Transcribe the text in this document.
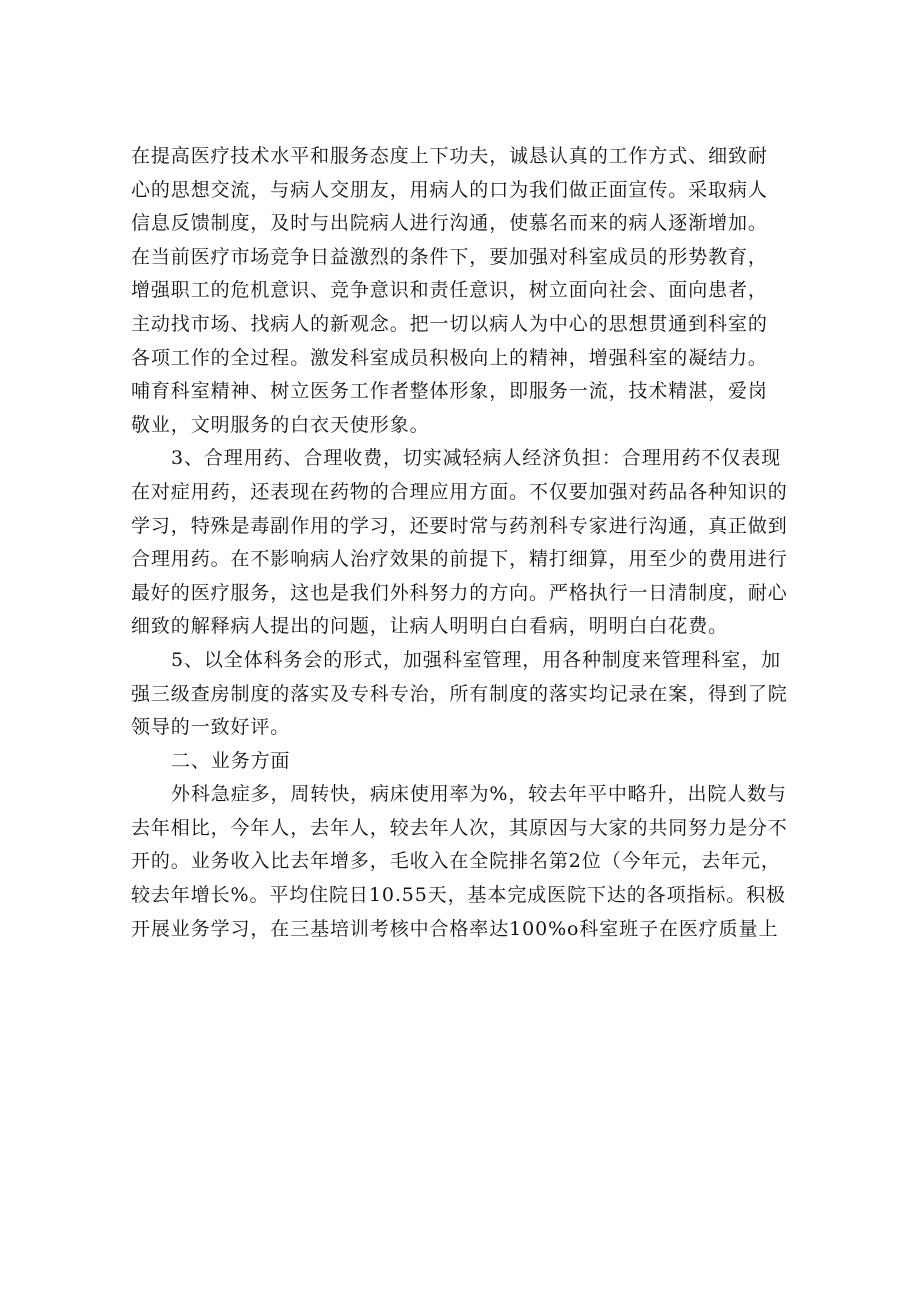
在提高医疗技术水平和服务态度上下功夫，诚恳认真的工作方式、细致耐
心的思想交流，与病人交朋友，用病人的口为我们做正面宣传。采取病人
信息反馈制度，及时与出院病人进行沟通，使慕名而来的病人逐渐增加。
在当前医疗市场竞争日益激烈的条件下，要加强对科室成员的形势教育，
增强职工的危机意识、竞争意识和责任意识，树立面向社会、面向患者，
主动找市场、找病人的新观念。把一切以病人为中心的思想贯通到科室的
各项工作的全过程。激发科室成员积极向上的精神，增强科室的凝结力。
哺育科室精神、树立医务工作者整体形象，即服务一流，技术精湛，爱岗
敬业，文明服务的白衣天使形象。
3、合理用药、合理收费，切实减轻病人经济负担：合理用药不仅表现
在对症用药，还表现在药物的合理应用方面。不仅要加强对药品各种知识的
学习，特殊是毒副作用的学习，还要时常与药剂科专家进行沟通，真正做到
合理用药。在不影响病人治疗效果的前提下，精打细算，用至少的费用进行
最好的医疗服务，这也是我们外科努力的方向。严格执行一日清制度，耐心
细致的解释病人提出的问题，让病人明明白白看病，明明白白花费。
5、以全体科务会的形式，加强科室管理，用各种制度来管理科室，加
强三级查房制度的落实及专科专治，所有制度的落实均记录在案，得到了院
领导的一致好评。
二、业务方面
外科急症多，周转快，病床使用率为%，较去年平中略升，出院人数与
去年相比，今年人，去年人，较去年人次，其原因与大家的共同努力是分不
开的。业务收入比去年增多，毛收入在全院排名第2位（今年元，去年元，
较去年增长%。平均住院日10.55天，基本完成医院下达的各项指标。积极
开展业务学习，在三基培训考核中合格率达100%o科室班子在医疗质量上
